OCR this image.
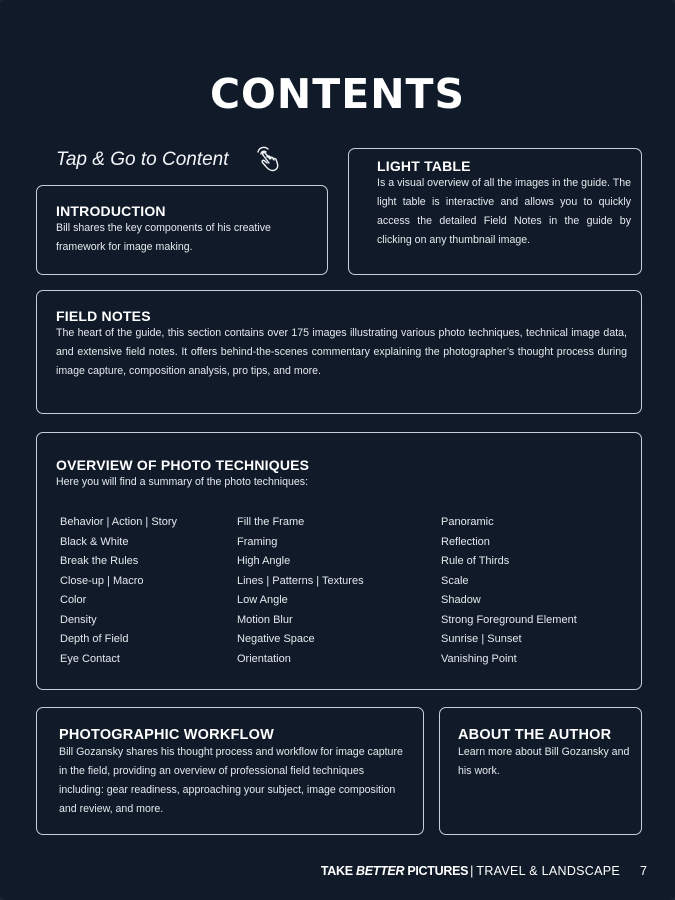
CONTENTS
Tap & Go to Content
INTRODUCTION

Bill shares the key components of his creative framework for image making.

LIGHT TABLE

Is a visual overview of all the images in the guide. The light table is interactive and allows you to quickly access the detailed Field Notes in the guide by clicking on any thumbnail image.

FIELD NOTES

The heart of the guide, this section contains over 175 images illustrating various photo techniques, technical image data, and extensive field notes. It offers behind-the-scenes commentary explaining the photographer’s thought process during image capture, composition analysis, pro tips, and more.

OVERVIEW OF PHOTO TECHNIQUES

Here you will find a summary of the photo techniques:

Behavior | Action | Story
Black & White
Break the Rules
Close-up | Macro
Color
Density
Depth of Field
Eye Contact
Fill the Frame
Framing
High Angle
Lines | Patterns | Textures
Low Angle
Motion Blur
Negative Space
Orientation
Panoramic
Reflection
Rule of Thirds
Scale
Shadow
Strong Foreground Element
Sunrise | Sunset
Vanishing Point
PHOTOGRAPHIC WORKFLOW

Bill Gozansky shares his thought process and workflow for image capture in the field, providing an overview of professional field techniques including: gear readiness, approaching your subject, image composition and review, and more.

ABOUT THE AUTHOR

Learn more about Bill Gozansky and his work.

TAKE BETTER PICTURES | TRAVEL & LANDSCAPE 7
